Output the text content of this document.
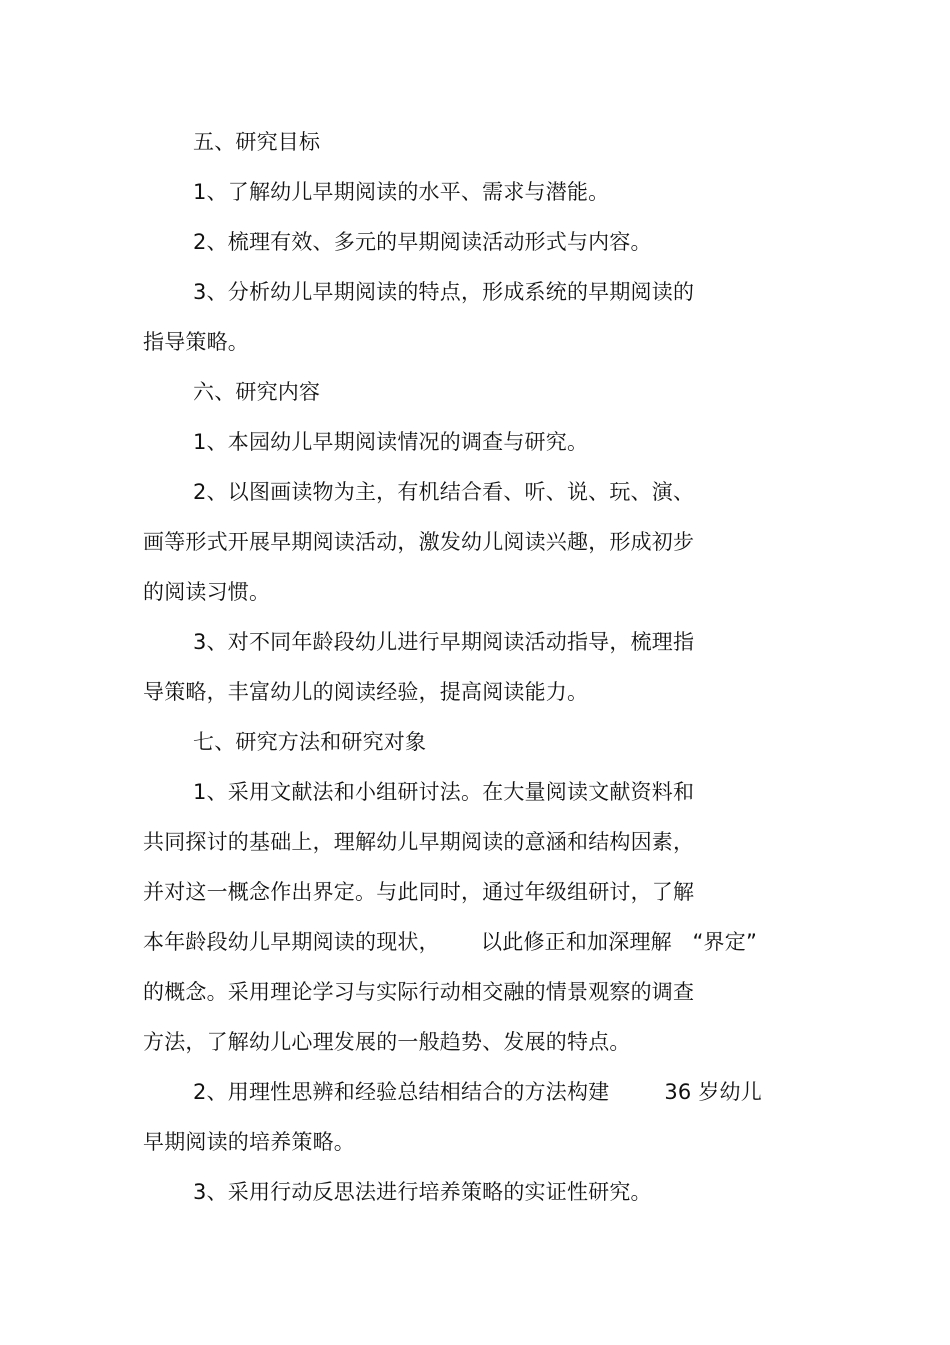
五、研究目标
1、了解幼儿早期阅读的水平、需求与潜能。
2、梳理有效、多元的早期阅读活动形式与内容。
3、分析幼儿早期阅读的特点，形成系统的早期阅读的
指导策略。
六、研究内容
1、本园幼儿早期阅读情况的调查与研究。
2、以图画读物为主，有机结合看、听、说、玩、演、
画等形式开展早期阅读活动，激发幼儿阅读兴趣，形成初步
的阅读习惯。
3、对不同年龄段幼儿进行早期阅读活动指导，梳理指
导策略，丰富幼儿的阅读经验，提高阅读能力。
七、研究方法和研究对象
1、采用文献法和小组研讨法。在大量阅读文献资料和
共同探讨的基础上，理解幼儿早期阅读的意涵和结构因素，
并对这一概念作出界定。与此同时，通过年级组研讨，了解
本年龄段幼儿早期阅读的现状，      以此修正和加深理解   “界定”
的概念。采用理论学习与实际行动相交融的情景观察的调查
方法，了解幼儿心理发展的一般趋势、发展的特点。
2、用理性思辨和经验总结相结合的方法构建        36 岁幼儿
早期阅读的培养策略。
3、采用行动反思法进行培养策略的实证性研究。
